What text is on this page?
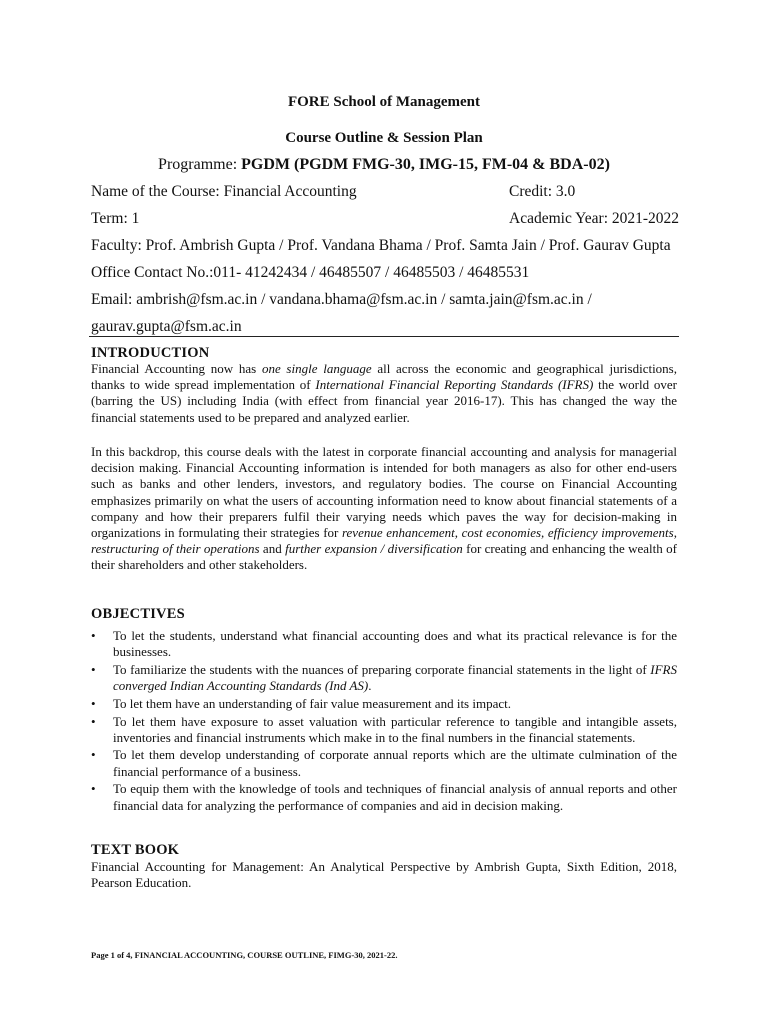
FORE School of Management
Course Outline & Session Plan
Programme: PGDM (PGDM FMG-30, IMG-15, FM-04 & BDA-02)
Name of the Course: Financial Accounting	Credit: 3.0
Term: 1	Academic Year: 2021-2022
Faculty: Prof. Ambrish Gupta / Prof. Vandana Bhama / Prof. Samta Jain / Prof. Gaurav Gupta
Office Contact No.:011- 41242434 / 46485507 / 46485503 / 46485531
Email: ambrish@fsm.ac.in / vandana.bhama@fsm.ac.in / samta.jain@fsm.ac.in /
gaurav.gupta@fsm.ac.in
INTRODUCTION

Financial Accounting now has one single language all across the economic and geographical jurisdictions, thanks to wide spread implementation of International Financial Reporting Standards (IFRS) the world over (barring the US) including India (with effect from financial year 2016-17). This has changed the way the financial statements used to be prepared and analyzed earlier.

In this backdrop, this course deals with the latest in corporate financial accounting and analysis for managerial decision making. Financial Accounting information is intended for both managers as also for other end-users such as banks and other lenders, investors, and regulatory bodies. The course on Financial Accounting emphasizes primarily on what the users of accounting information need to know about financial statements of a company and how their preparers fulfil their varying needs which paves the way for decision-making in organizations in formulating their strategies for revenue enhancement, cost economies, efficiency improvements, restructuring of their operations and further expansion / diversification for creating and enhancing the wealth of their shareholders and other stakeholders.

OBJECTIVES
• To let the students, understand what financial accounting does and what its practical relevance is for the businesses.
• To familiarize the students with the nuances of preparing corporate financial statements in the light of IFRS converged Indian Accounting Standards (Ind AS).
• To let them have an understanding of fair value measurement and its impact.
• To let them have exposure to asset valuation with particular reference to tangible and intangible assets, inventories and financial instruments which make in to the final numbers in the financial statements.
• To let them develop understanding of corporate annual reports which are the ultimate culmination of the financial performance of a business.
• To equip them with the knowledge of tools and techniques of financial analysis of annual reports and other financial data for analyzing the performance of companies and aid in decision making.
TEXT BOOK

Financial Accounting for Management: An Analytical Perspective by Ambrish Gupta, Sixth Edition, 2018, Pearson Education.

Page 1 of 4, FINANCIAL ACCOUNTING, COURSE OUTLINE, FIMG-30, 2021-22.
